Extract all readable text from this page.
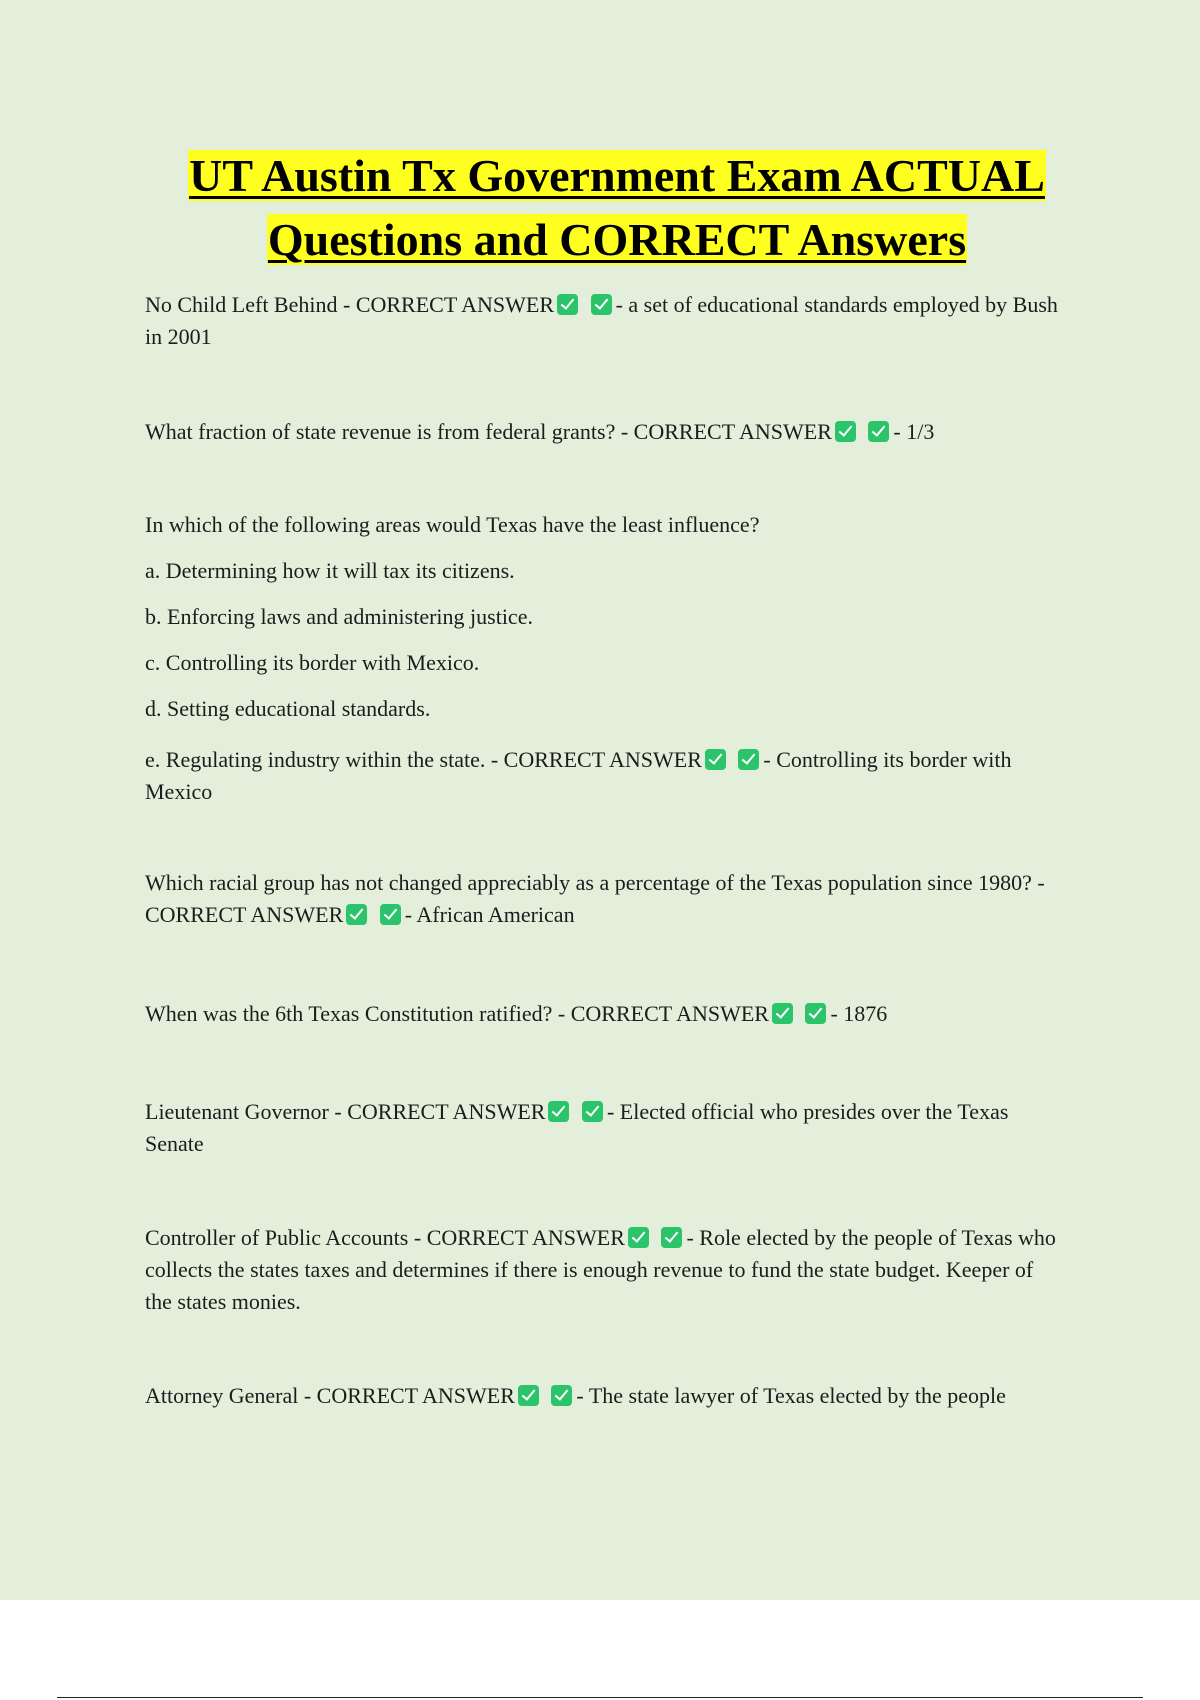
UT Austin Tx Government Exam ACTUAL
Questions and CORRECT Answers

No Child Left Behind - CORRECT ANSWER	- a set of educational standards employed by Bush in 2001

What fraction of state revenue is from federal grants? - CORRECT ANSWER	- 1/3

In which of the following areas would Texas have the least influence?

a. Determining how it will tax its citizens.

b. Enforcing laws and administering justice.

c. Controlling its border with Mexico.

d. Setting educational standards.

e. Regulating industry within the state. - CORRECT ANSWER	- Controlling its border with Mexico

Which racial group has not changed appreciably as a percentage of the Texas population since 1980? - CORRECT ANSWER	- African American

When was the 6th Texas Constitution ratified? - CORRECT ANSWER	- 1876

Lieutenant Governor - CORRECT ANSWER	- Elected official who presides over the Texas Senate

Controller of Public Accounts - CORRECT ANSWER	- Role elected by the people of Texas who collects the states taxes and determines if there is enough revenue to fund the state budget. Keeper of the states monies.

Attorney General - CORRECT ANSWER	- The state lawyer of Texas elected by the people
